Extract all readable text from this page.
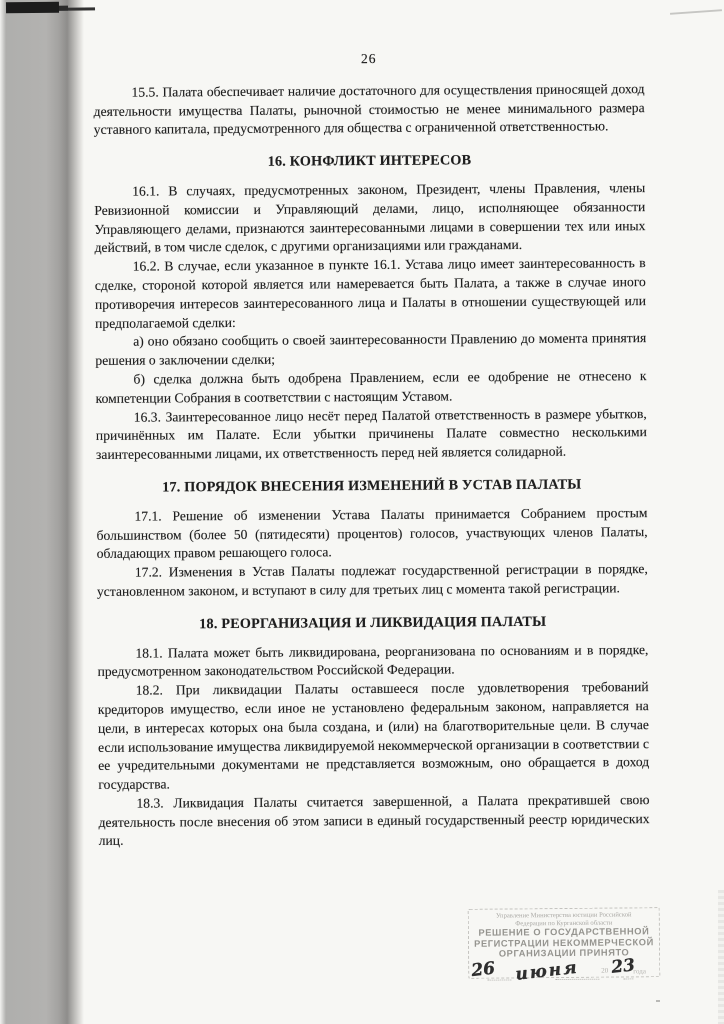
26

15.5. Палата обеспечивает наличие достаточного для осуществления приносящей доход деятельности имущества Палаты, рыночной стоимостью не менее минимального размера уставного капитала, предусмотренного для общества с ограниченной ответственностью.

16. КОНФЛИКТ ИНТЕРЕСОВ

16.1. В случаях, предусмотренных законом, Президент, члены Правления, члены Ревизионной комиссии и Управляющий делами, лицо, исполняющее обязанности Управляющего делами, признаются заинтересованными лицами в совершении тех или иных действий, в том числе сделок, с другими организациями или гражданами.

16.2. В случае, если указанное в пункте 16.1. Устава лицо имеет заинтересованность в сделке, стороной которой является или намеревается быть Палата, а также в случае иного противоречия интересов заинтересованного лица и Палаты в отношении существующей или предполагаемой сделки:

а) оно обязано сообщить о своей заинтересованности Правлению до момента принятия решения о заключении сделки;

б) сделка должна быть одобрена Правлением, если ее одобрение не отнесено к компетенции Собрания в соответствии с настоящим Уставом.

16.3. Заинтересованное лицо несёт перед Палатой ответственность в размере убытков, причинённых им Палате. Если убытки причинены Палате совместно несколькими заинтересованными лицами, их ответственность перед ней является солидарной.

17. ПОРЯДОК ВНЕСЕНИЯ ИЗМЕНЕНИЙ В УСТАВ ПАЛАТЫ

17.1. Решение об изменении Устава Палаты принимается Собранием простым большинством (более 50 (пятидесяти) процентов) голосов, участвующих членов Палаты, обладающих правом решающего голоса.

17.2. Изменения в Устав Палаты подлежат государственной регистрации в порядке, установленном законом, и вступают в силу для третьих лиц с момента такой регистрации.

18. РЕОРГАНИЗАЦИЯ И ЛИКВИДАЦИЯ ПАЛАТЫ

18.1. Палата может быть ликвидирована, реорганизована по основаниям и в порядке, предусмотренном законодательством Российской Федерации.

18.2. При ликвидации Палаты оставшееся после удовлетворения требований кредиторов имущество, если иное не установлено федеральным законом, направляется на цели, в интересах которых она была создана, и (или) на благотворительные цели. В случае если использование имущества ликвидируемой некоммерческой организации в соответствии с ее учредительными документами не представляется возможным, оно обращается в доход государства.

18.3. Ликвидация Палаты считается завершенной, а Палата прекратившей свою деятельность после внесения об этом записи в единый государственный реестр юридических лиц.

Управление Министерства юстиции Российской
Федерации по Курганской области
РЕШЕНИЕ О ГОСУДАРСТВЕННОЙ
РЕГИСТРАЦИИ НЕКОММЕРЧЕСКОЙ
ОРГАНИЗАЦИИ ПРИНЯТО
26 июня	20 23
года
